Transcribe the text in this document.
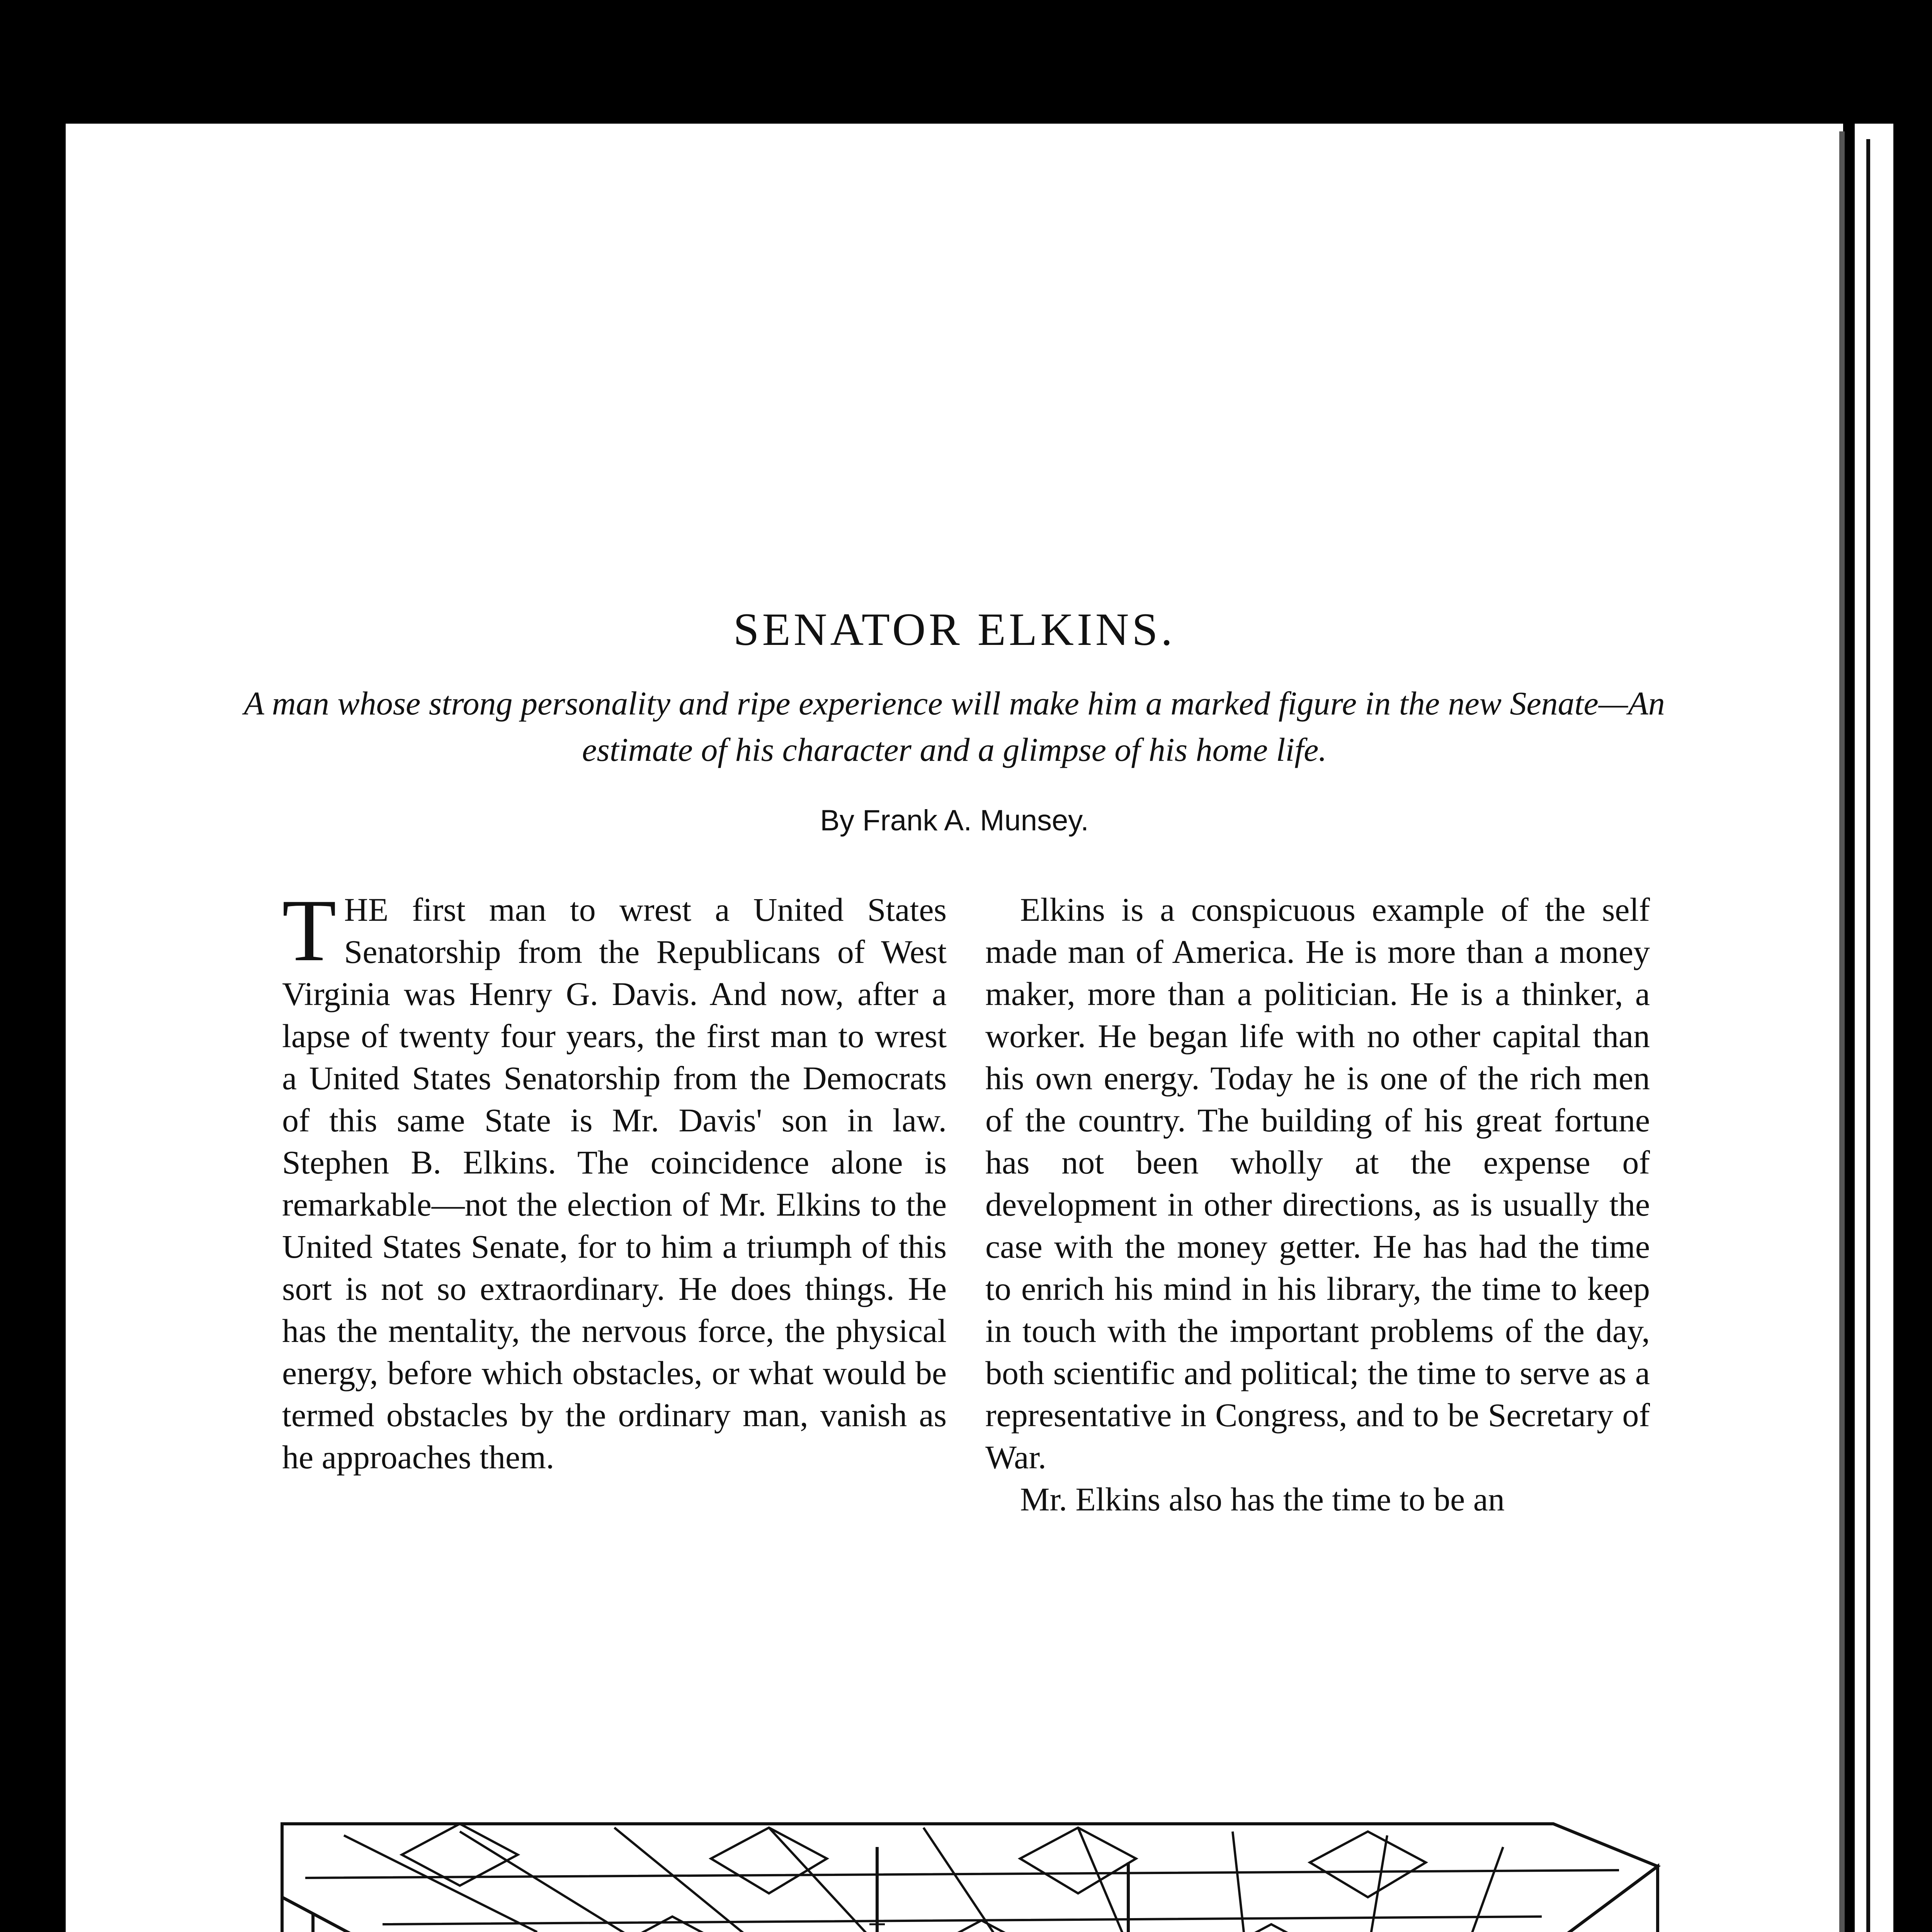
SENATOR ELKINS.
A man whose strong personality and ripe experience will make him a marked figure in the new Senate—An estimate of his character and a glimpse of his home life.
By Frank A. Munsey.

THE first man to wrest a United States Senatorship from the Republicans of West Virginia was Henry G. Davis. And now, after a lapse of twenty four years, the first man to wrest a United States Senatorship from the Democrats of this same State is Mr. Davis' son in law. Stephen B. Elkins. The coincidence alone is remarkable—not the election of Mr. Elkins to the United States Senate, for to him a triumph of this sort is not so extraordinary. He does things. He has the mentality, the nervous force, the physical energy, before which obstacles, or what would be termed obstacles by the ordinary man, vanish as he approaches them.

Elkins is a conspicuous example of the self made man of America. He is more than a money maker, more than a politician. He is a thinker, a worker. He began life with no other capital than his own energy. Today he is one of the rich men of the country. The building of his great fortune has not been wholly at the expense of development in other directions, as is usually the case with the money getter. He has had the time to enrich his mind in his library, the time to keep in touch with the important problems of the day, both scientific and political; the time to serve as a representative in Congress, and to be Secretary of War.

Mr. Elkins also has the time to be an
